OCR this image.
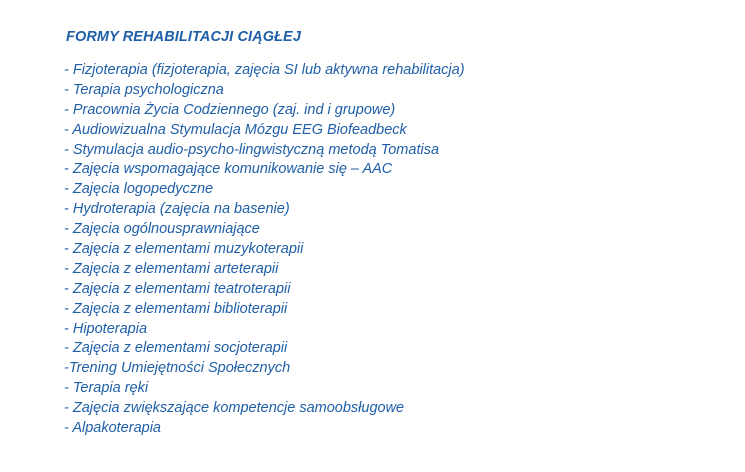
FORMY REHABILITACJI CIĄGŁEJ
- Fizjoterapia (fizjoterapia, zajęcia SI lub aktywna rehabilitacja)
- Terapia psychologiczna
- Pracownia Życia Codziennego (zaj. ind i grupowe)
- Audiowizualna Stymulacja Mózgu EEG Biofeadbeck
- Stymulacja audio-psycho-lingwistyczną metodą Tomatisa
- Zajęcia wspomagające komunikowanie się – AAC
- Zajęcia logopedyczne
- Hydroterapia (zajęcia na basenie)
- Zajęcia ogólnousprawniające
- Zajęcia z elementami muzykoterapii
- Zajęcia z elementami arteterapii
- Zajęcia z elementami teatroterapii
- Zajęcia z elementami biblioterapii
- Hipoterapia
- Zajęcia z elementami socjoterapii
-Trening Umiejętności Społecznych
- Terapia ręki
- Zajęcia zwiększające kompetencje samoobsługowe
- Alpakoterapia
